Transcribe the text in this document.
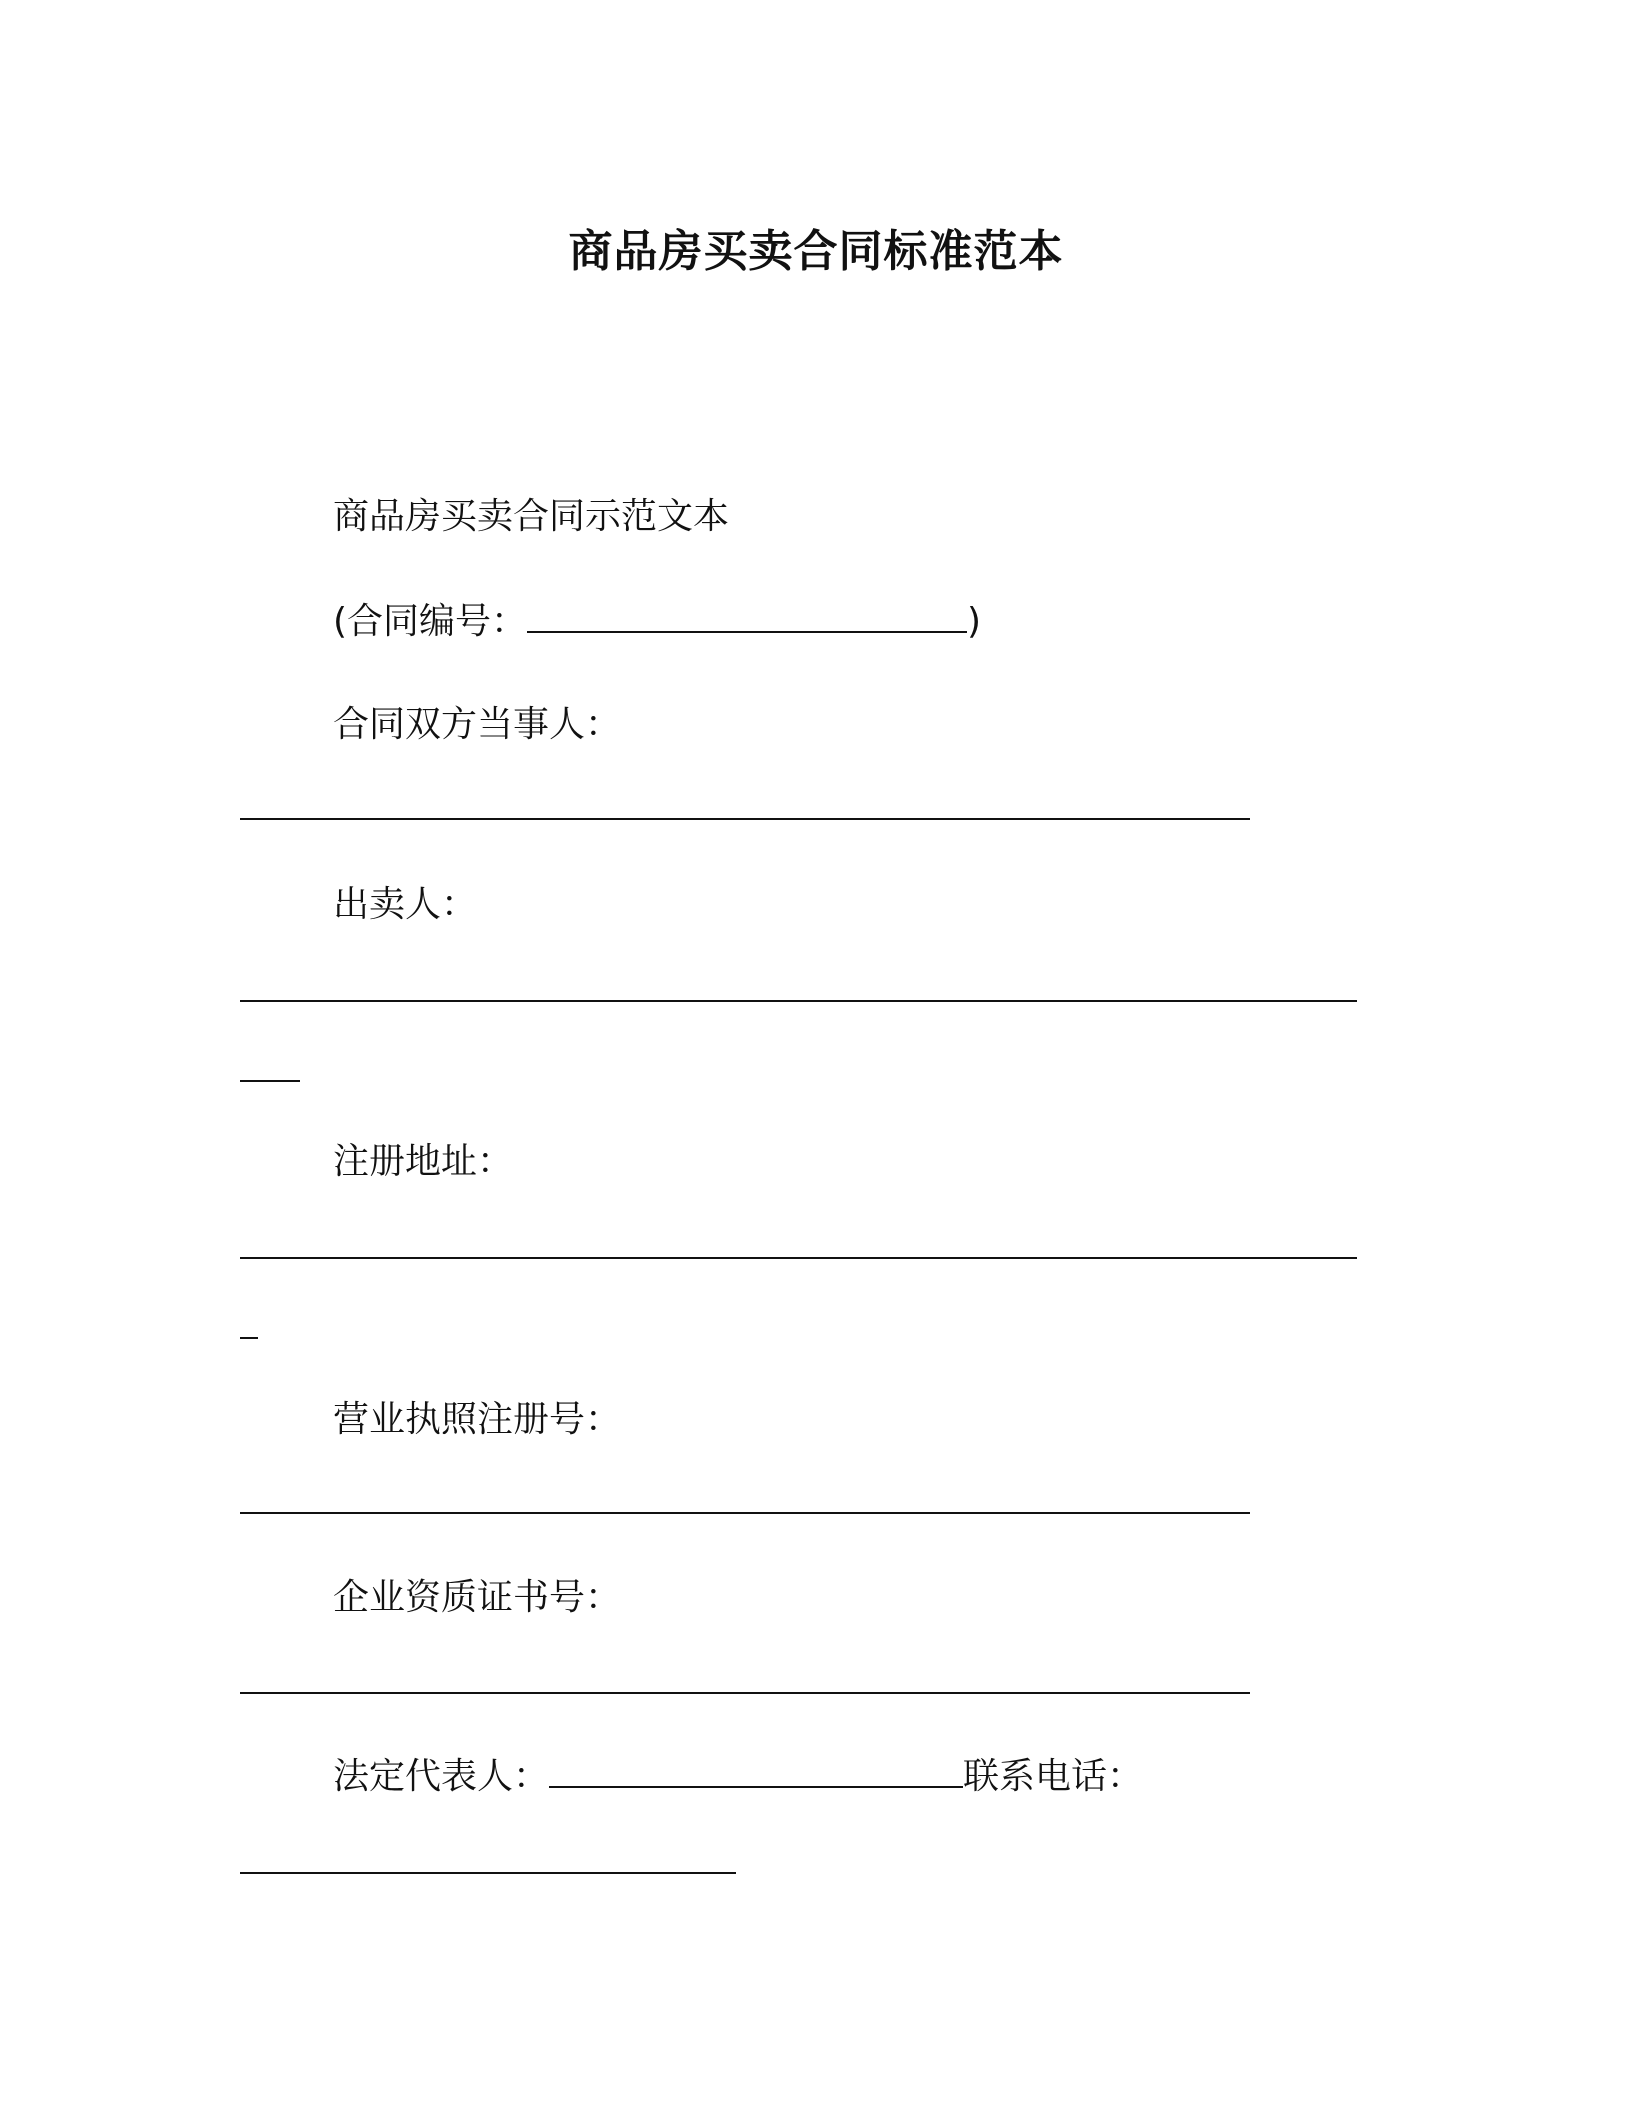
商品房买卖合同标准范本
商品房买卖合同示范文本
(合同编号：	)
合同双方当事人：
出卖人：
注册地址：
营业执照注册号：
企业资质证书号：
法定代表人：	联系电话：
